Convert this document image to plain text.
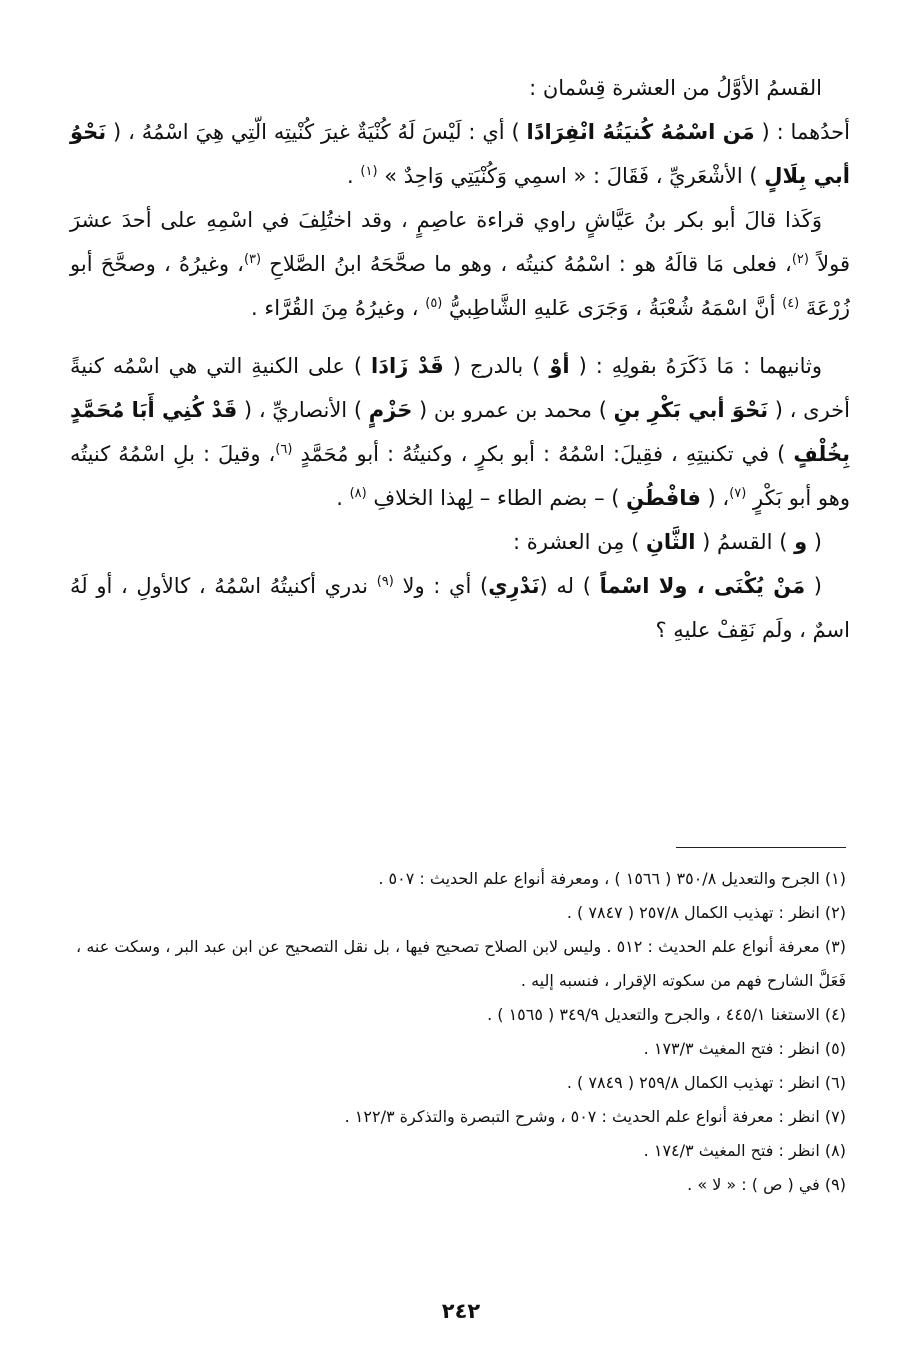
القسمُ الأوَّلُ من العشرة قِسْمان :

أحدُهما : ( مَن اسْمُهُ كُنيَتُهُ انْفِرَادًا ) أي : لَيْسَ لَهُ كُنْيَةٌ غيرَ كُنْيتِه الّتِي هِيَ اسْمُهُ ، ( نَحْوُ أبي بِلَالٍ ) الأشْعَريِّ ، فَقَالَ : « اسمِي وَكُنْيَتِي وَاحِدٌ » $^{(١)}$ .

وَكَذا قالَ أبو بكر بنُ عَيَّاشٍ راوي قراءة عاصِمٍ ، وقد اختُلِفَ في اسْمِهِ على أحدَ عشرَ قولاً $^{(٢)}$، فعلى مَا قالَهُ هو : اسْمُهُ كنيتُه ، وهو ما صحَّحَهُ ابنُ الصَّلاحِ $^{(٣)}$، وغيرُهُ ، وصحَّحَ أبو زُرْعَةَ $^{(٤)}$ أنَّ اسْمَهُ شُعْبَةُ ، وَجَرَى عَليهِ الشَّاطِبيُّ $^{(٥)}$ ، وغيرُهُ مِنَ القُرَّاء .

وثانيهما : مَا ذَكَرَهُ بقولِهِ : ( أوْ ) بالدرج ( قَدْ زَادَا ) على الكنيةِ التي هي اسْمُه كنيةً أخرى ، ( نَحْوَ أبي بَكْرِ بنِ ) محمد بن عمرو بن ( حَزْمٍ ) الأنصاريِّ ، ( قَدْ كُنِي أَبَا مُحَمَّدٍ بِخُلْفٍ ) في تكنيتِهِ ، فقِيلَ: اسْمُهُ : أبو بكرٍ ، وكنيتُهُ : أبو مُحَمَّدٍ $^{(٦)}$، وقيلَ : بلِ اسْمُهُ كنيتُه وهو أبو بَكْرٍ $^{(٧)}$، ( فافْطُنِ ) – بضم الطاء – لِهذا الخلافِ $^{(٨)}$ .

( و ) القسمُ ( الثَّانِ ) مِن العشرة :

( مَنْ يُكْنَى ، ولا اسْماً ) له (نَدْرِي) أي : ولا $^{(٩)}$ ندري أكنيتُهُ اسْمُهُ ، كالأولِ ، أو لَهُ اسمٌ ، ولَم نَقِفْ عليهِ ؟

(١) الجرح والتعديل ٣٥٠/٨ ( ١٥٦٦ ) ، ومعرفة أنواع علم الحديث : ٥٠٧ .

(٢) انظر : تهذيب الكمال ٢٥٧/٨ ( ٧٨٤٧ ) .

(٣) معرفة أنواع علم الحديث : ٥١٢ . وليس لابن الصلاح تصحيح فيها ، بل نقل التصحيح عن ابن عبد البر ، وسكت عنه ، فَعَلَّ الشارح فهم من سكوته الإقرار ، فنسبه إليه .

(٤) الاستغنا ٤٤٥/١ ، والجرح والتعديل ٣٤٩/٩ ( ١٥٦٥ ) .

(٥) انظر : فتح المغيث ١٧٣/٣ .

(٦) انظر : تهذيب الكمال ٢٥٩/٨ ( ٧٨٤٩ ) .

(٧) انظر : معرفة أنواع علم الحديث : ٥٠٧ ، وشرح التبصرة والتذكرة ١٢٢/٣ .

(٨) انظر : فتح المغيث ١٧٤/٣ .

(٩) في ( ص ) : « لا » .

٢٤٢
